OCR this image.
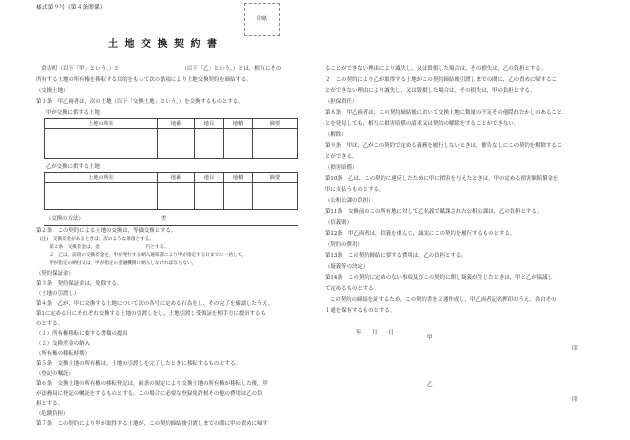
様式第９号（第４条関係）
印紙
土地交換契約書
　倉吉町（以下「甲」という。）と　　　　　　　　　　　　（以下「乙」という。）とは，相互にその
所有する土地の所有権を移転する目的をもって次の条項により土地交換契約を締結する。
（交換土地）
第１条　甲乙両者は，次の土地（以下「交換土地」という。）を交換するものとする。
甲が交換に供する土地
土地の所在	地番	地目	地積	摘要

乙が交換に供する土地
土地の所在	地番	地目	地積	摘要

（交換の方法）	差
第２条　この契約による土地の交換は，等価交換とする。
(注)　交換差金があるときは，次のような条項とする。
　　第２条　交換差金は，金　　　　　　　　　　円とする。
　　２　乙は，前項の交換差金を，甲が発行する納入通知書により甲が指定する日までに一括して，
　　甲が指定の納付又は，甲が指定の金融機関に納入しなければならない。
（契約保証金）
第３条　契約保証金は，免除する。
（土地の引渡し）
第４条　乙が，甲に交換する土地について次の各号に定める行為をし，その完了を確認したうえ，
第1に定める日にそれぞれ交換する土地の引渡しをし，土地引渡し受領証を相手方に提出するも
のとする。
（１）所有権移転に要する書類の提出
（２）交換差金の納入
（所有権の移転時期）
第５条　交換土地の所有権は，土地の引渡しを完了したときに移転するものとする。
（登記の嘱託）
第６条　交換土地の所有権の移転登記は，前条の規定により交換土地の所有権が移転した後，甲
が法務局に登記の嘱託をするものとする。この場合に必要な登録免許税その他の費用は乙の負
担とする。
（危険負担）
第７条　この契約により甲が取得する土地が，この契約締結後引渡しまでの間に甲の責めに帰す
ることができない理由により滅失し，又は毀損した場合は，その損失は，乙の負担とする。
２　この契約により乙が取得する土地がこの契約締結後引渡しまでの間に，乙の責めに帰するこ
とができない理由により滅失し，又は毀損した場合は，その損失は，甲の負担とする。
（担保責任）
第８条　甲乙両者は，この契約締結後において交換土地に数量の不足その他隠れたかしのあること
とを発見しても，相互に損害賠償の請求又は契約の解除をすることができない。
（解除）
第９条　甲は，乙がこの契約で定める義務を履行しないときは，催告なしにこの契約を解除するこ
とができる。
（損害賠償）
第10条　乙は，この契約に違反したために甲に損害を与えたときは，甲の定める損害額賠償金を
甲に支払うものとする。
（公租公課の負担）
第11条　交換前のこの所有地に対して乙名義で賦課された公租公課は，乙の負担とする。
（信義則）
第12条　甲乙両者は，信義を重んじ，誠実にこの契約を履行するものとする。
（契約の費用）
第13条　この契約締結に要する費用は，乙の負担とする。
（疑義等の決定）
第14条　この契約に定めのない事項及びこの契約に関し疑義が生じたときは，甲と乙が協議し
て定めるものとする。
この契約の締結を証するため，この契約書を２通作成し，甲乙両者記名押印のうえ，各自その
１通を保有するものとする。
年　　月　　日
甲
印
乙
印
